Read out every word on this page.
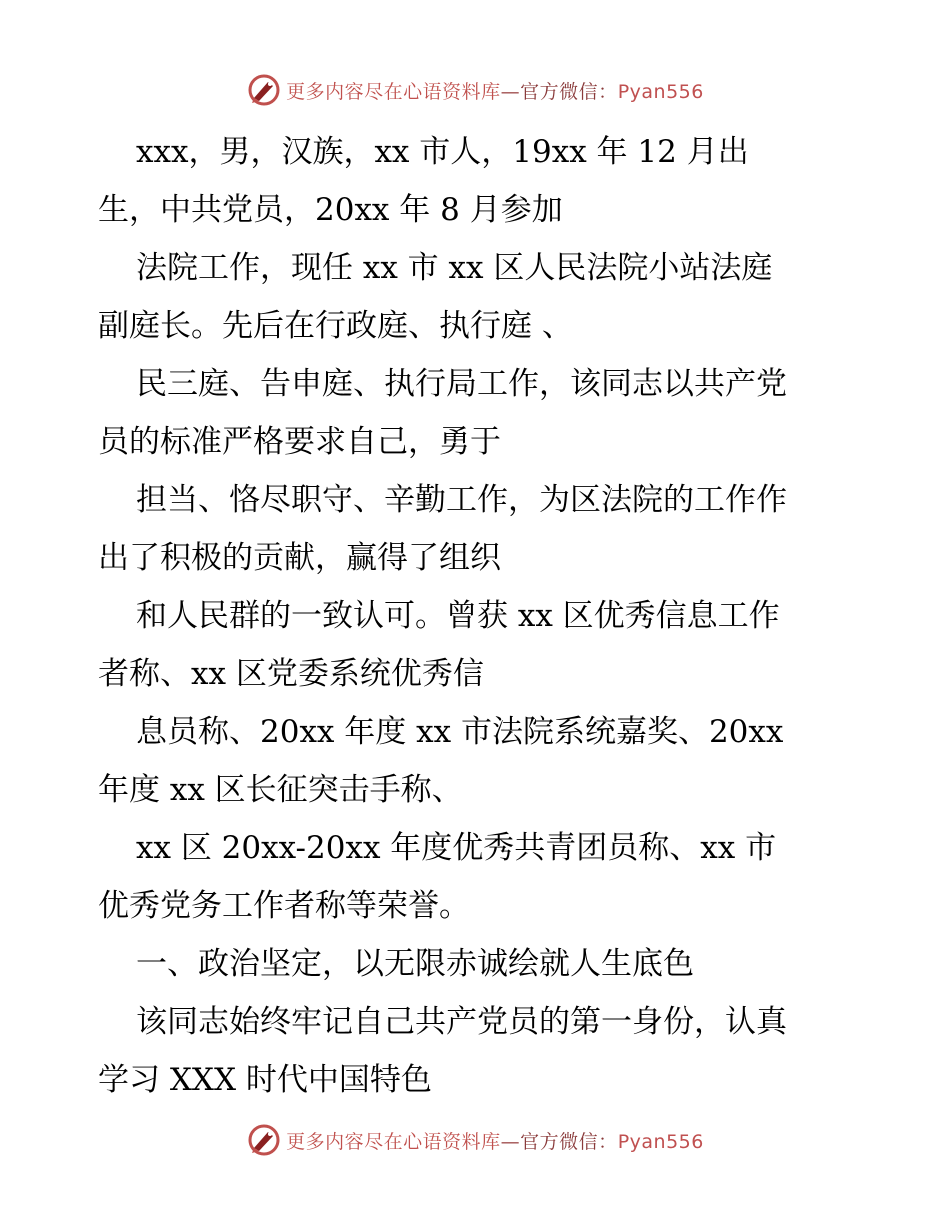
更多内容尽在心语资料库—官方微信：Pyan556
xxx，男，汉族，xx 市人，19xx 年 12 月出
生，中共党员，20xx 年 8 月参加
法院工作，现任 xx 市 xx 区人民法院小站法庭
副庭长。先后在行政庭、执行庭 、
民三庭、告申庭、执行局工作，该同志以共产党
员的标准严格要求自己，勇于
担当、恪尽职守、辛勤工作，为区法院的工作作
出了积极的贡献，赢得了组织
和人民群的一致认可。曾获 xx 区优秀信息工作
者称、xx 区党委系统优秀信
息员称、20xx 年度 xx 市法院系统嘉奖、20xx
年度 xx 区长征突击手称、
xx 区 20xx-20xx 年度优秀共青团员称、xx 市
优秀党务工作者称等荣誉。
一、政治坚定，以无限赤诚绘就人生底色
该同志始终牢记自己共产党员的第一身份，认真
学习 XXX 时代中国特色
更多内容尽在心语资料库—官方微信：Pyan556
